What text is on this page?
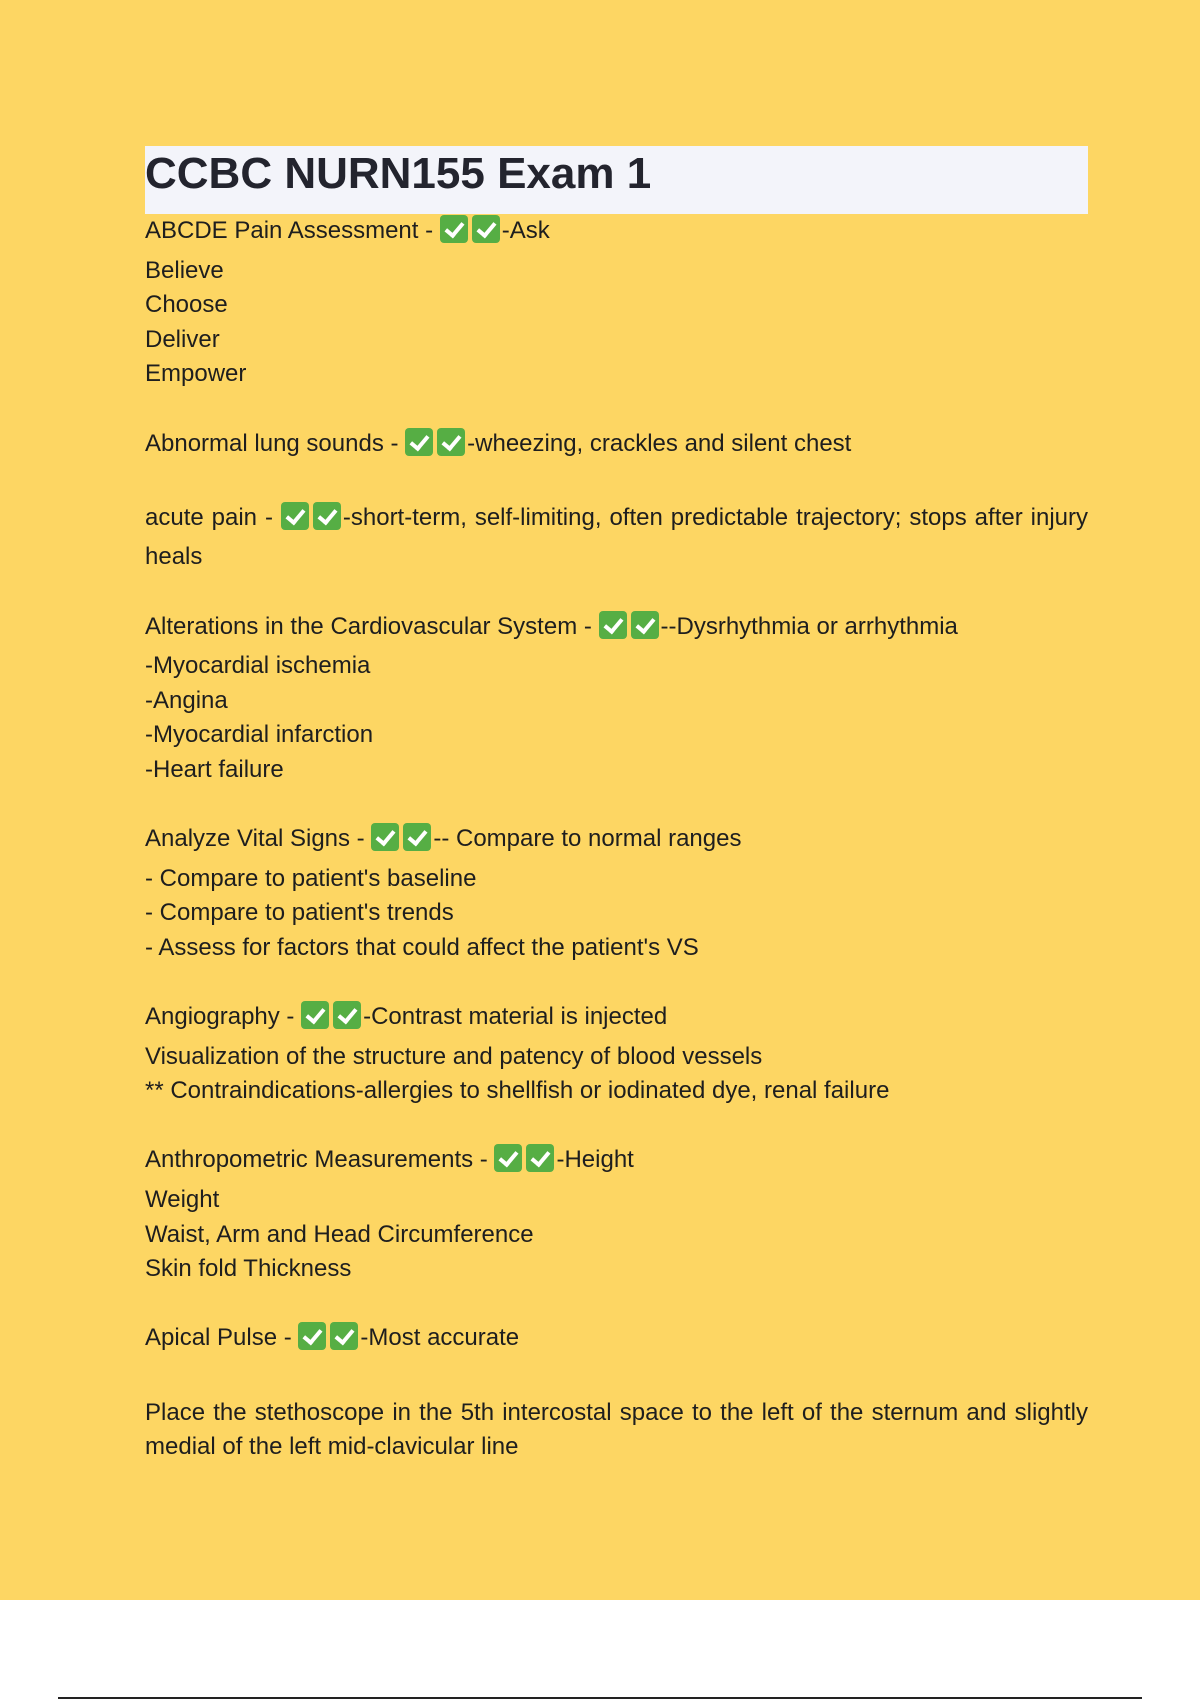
CCBC NURN155 Exam 1
ABCDE Pain Assessment -	-Ask
Believe
Choose
Deliver
Empower
Abnormal lung sounds -	-wheezing, crackles and silent chest
acute pain -	-short-term, self-limiting, often predictable trajectory; stops after injury heals
Alterations in the Cardiovascular System -	--Dysrhythmia or arrhythmia
-Myocardial ischemia
-Angina
-Myocardial infarction
-Heart failure
Analyze Vital Signs -	-- Compare to normal ranges
- Compare to patient's baseline
- Compare to patient's trends
- Assess for factors that could affect the patient's VS
Angiography -	-Contrast material is injected
Visualization of the structure and patency of blood vessels
** Contraindications-allergies to shellfish or iodinated dye, renal failure
Anthropometric Measurements -	-Height
Weight
Waist, Arm and Head Circumference
Skin fold Thickness
Apical Pulse -	-Most accurate
Place the stethoscope in the 5th intercostal space to the left of the sternum and slightly medial of the left mid-clavicular line
